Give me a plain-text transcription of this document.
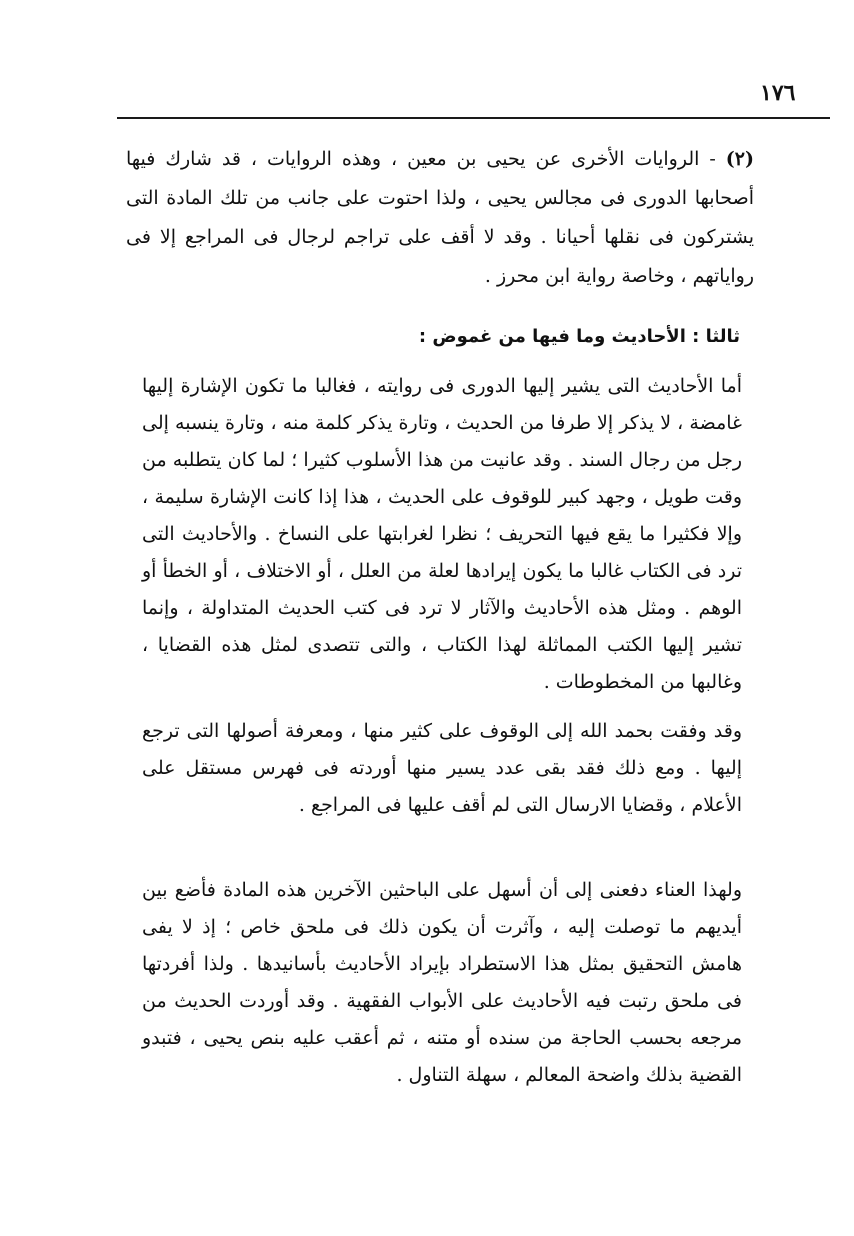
١٧٦
(٢) - الروايات الأخرى عن يحيى بن معين ، وهذه الروايات ، قد شارك فيها أصحابها الدورى فى مجالس يحيى ، ولذا احتوت على جانب من تلك المادة التى يشتركون فى نقلها أحيانا . وقد لا أقف على تراجم لرجال فى المراجع إلا فى رواياتهم ، وخاصة رواية ابن محرز .
ثالثا : الأحاديث وما فيها من غموض :
أما الأحاديث التى يشير إليها الدورى فى روايته ، فغالبا ما تكون الإشارة إليها غامضة ، لا يذكر إلا طرفا من الحديث ، وتارة يذكر كلمة منه ، وتارة ينسبه إلى رجل من رجال السند . وقد عانيت من هذا الأسلوب كثيرا ؛ لما كان يتطلبه من وقت طويل ، وجهد كبير للوقوف على الحديث ، هذا إذا كانت الإشارة سليمة ، وإلا فكثيرا ما يقع فيها التحريف ؛ نظرا لغرابتها على النساخ . والأحاديث التى ترد فى الكتاب غالبا ما يكون إيرادها لعلة من العلل ، أو الاختلاف ، أو الخطأ أو الوهم . ومثل هذه الأحاديث والآثار لا ترد فى كتب الحديث المتداولة ، وإنما تشير إليها الكتب المماثلة لهذا الكتاب ، والتى تتصدى لمثل هذه القضايا ، وغالبها من المخطوطات .
وقد وفقت بحمد الله إلى الوقوف على كثير منها ، ومعرفة أصولها التى ترجع إليها . ومع ذلك فقد بقى عدد يسير منها أوردته فى فهرس مستقل على الأعلام ، وقضايا الارسال التى لم أقف عليها فى المراجع .
ولهذا العناء دفعنى إلى أن أسهل على الباحثين الآخرين هذه المادة فأضع بين أيديهم ما توصلت إليه ، وآثرت أن يكون ذلك فى ملحق خاص ؛ إذ لا يفى هامش التحقيق بمثل هذا الاستطراد بإيراد الأحاديث بأسانيدها . ولذا أفردتها فى ملحق رتبت فيه الأحاديث على الأبواب الفقهية . وقد أوردت الحديث من مرجعه بحسب الحاجة من سنده أو متنه ، ثم أعقب عليه بنص يحيى ، فتبدو القضية بذلك واضحة المعالم ، سهلة التناول .
